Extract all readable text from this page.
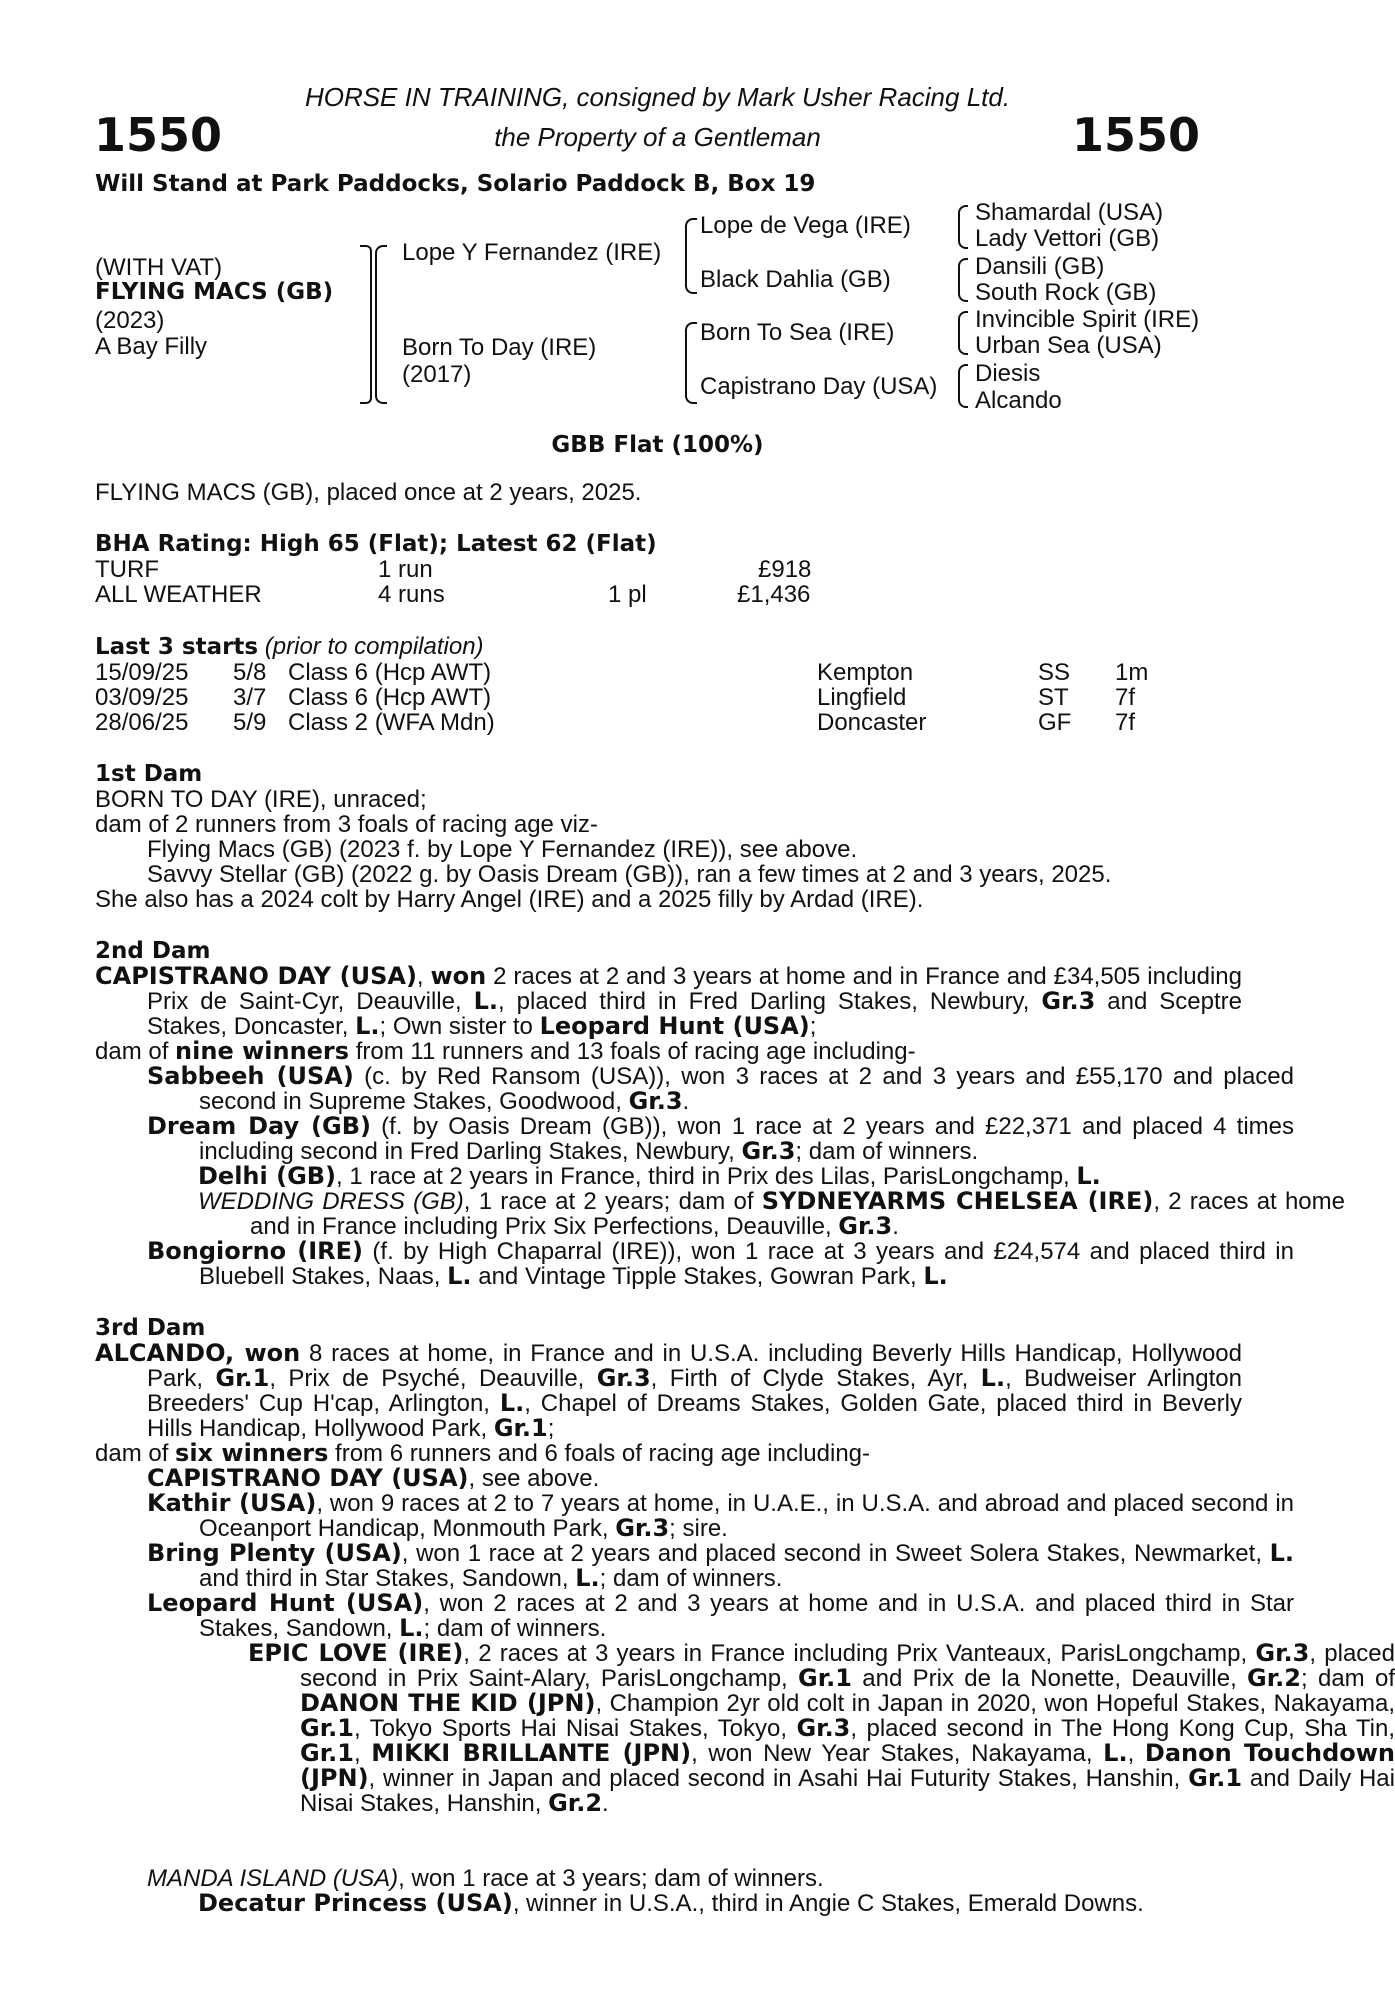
1550	1550
HORSE IN TRAINING, consigned by Mark Usher Racing Ltd.
the Property of a Gentleman
Will Stand at Park Paddocks, Solario Paddock B, Box 19
(WITH VAT)
FLYING MACS (GB)
(2023)
A Bay Filly
Lope Y Fernandez (IRE)
Born To Day (IRE)
(2017)
Lope de Vega (IRE)
Black Dahlia (GB)
Born To Sea (IRE)
Capistrano Day (USA)
Shamardal (USA)
Lady Vettori (GB)
Dansili (GB)
South Rock (GB)
Invincible Spirit (IRE)
Urban Sea (USA)
Diesis
Alcando
GBB Flat (100%)
FLYING MACS (GB), placed once at 2 years, 2025.
BHA Rating: High 65 (Flat); Latest 62 (Flat)
TURF	1 run	£918
ALL WEATHER	4 runs	1 pl	£1,436
Last 3 starts (prior to compilation)
15/09/25 5/8 Class 6 (Hcp AWT)	Kempton	SS 1m
03/09/25 3/7 Class 6 (Hcp AWT)	Lingfield	ST 7f
28/06/25 5/9 Class 2 (WFA Mdn)	Doncaster	GF 7f
1st Dam
BORN TO DAY (IRE), unraced;
dam of 2 runners from 3 foals of racing age viz-
Flying Macs (GB) (2023 f. by Lope Y Fernandez (IRE)), see above.
Savvy Stellar (GB) (2022 g. by Oasis Dream (GB)), ran a few times at 2 and 3 years, 2025.
She also has a 2024 colt by Harry Angel (IRE) and a 2025 filly by Ardad (IRE).
2nd Dam
CAPISTRANO DAY (USA), won 2 races at 2 and 3 years at home and in France and £34,505 including Prix de Saint-Cyr, Deauville, L., placed third in Fred Darling Stakes, Newbury, Gr.3 and Sceptre Stakes, Doncaster, L.; Own sister to Leopard Hunt (USA);
dam of nine winners from 11 runners and 13 foals of racing age including-
Sabbeeh (USA) (c. by Red Ransom (USA)), won 3 races at 2 and 3 years and £55,170 and placed second in Supreme Stakes, Goodwood, Gr.3.
Dream Day (GB) (f. by Oasis Dream (GB)), won 1 race at 2 years and £22,371 and placed 4 times including second in Fred Darling Stakes, Newbury, Gr.3; dam of winners.
Delhi (GB), 1 race at 2 years in France, third in Prix des Lilas, ParisLongchamp, L.
WEDDING DRESS (GB), 1 race at 2 years; dam of SYDNEYARMS CHELSEA (IRE), 2 races at home and in France including Prix Six Perfections, Deauville, Gr.3.
Bongiorno (IRE) (f. by High Chaparral (IRE)), won 1 race at 3 years and £24,574 and placed third in Bluebell Stakes, Naas, L. and Vintage Tipple Stakes, Gowran Park, L.
3rd Dam
ALCANDO, won 8 races at home, in France and in U.S.A. including Beverly Hills Handicap, Hollywood Park, Gr.1, Prix de Psyché, Deauville, Gr.3, Firth of Clyde Stakes, Ayr, L., Budweiser Arlington Breeders' Cup H'cap, Arlington, L., Chapel of Dreams Stakes, Golden Gate, placed third in Beverly Hills Handicap, Hollywood Park, Gr.1;
dam of six winners from 6 runners and 6 foals of racing age including-
CAPISTRANO DAY (USA), see above.
Kathir (USA), won 9 races at 2 to 7 years at home, in U.A.E., in U.S.A. and abroad and placed second in Oceanport Handicap, Monmouth Park, Gr.3; sire.
Bring Plenty (USA), won 1 race at 2 years and placed second in Sweet Solera Stakes, Newmarket, L. and third in Star Stakes, Sandown, L.; dam of winners.
Leopard Hunt (USA), won 2 races at 2 and 3 years at home and in U.S.A. and placed third in Star Stakes, Sandown, L.; dam of winners.
EPIC LOVE (IRE), 2 races at 3 years in France including Prix Vanteaux, ParisLongchamp, Gr.3, placed second in Prix Saint-Alary, ParisLongchamp, Gr.1 and Prix de la Nonette, Deauville, Gr.2; dam of DANON THE KID (JPN), Champion 2yr old colt in Japan in 2020, won Hopeful Stakes, Nakayama, Gr.1, Tokyo Sports Hai Nisai Stakes, Tokyo, Gr.3, placed second in The Hong Kong Cup, Sha Tin, Gr.1, MIKKI BRILLANTE (JPN), won New Year Stakes, Nakayama, L., Danon Touchdown (JPN), winner in Japan and placed second in Asahi Hai Futurity Stakes, Hanshin, Gr.1 and Daily Hai Nisai Stakes, Hanshin, Gr.2.
MANDA ISLAND (USA), won 1 race at 3 years; dam of winners.
Decatur Princess (USA), winner in U.S.A., third in Angie C Stakes, Emerald Downs.
